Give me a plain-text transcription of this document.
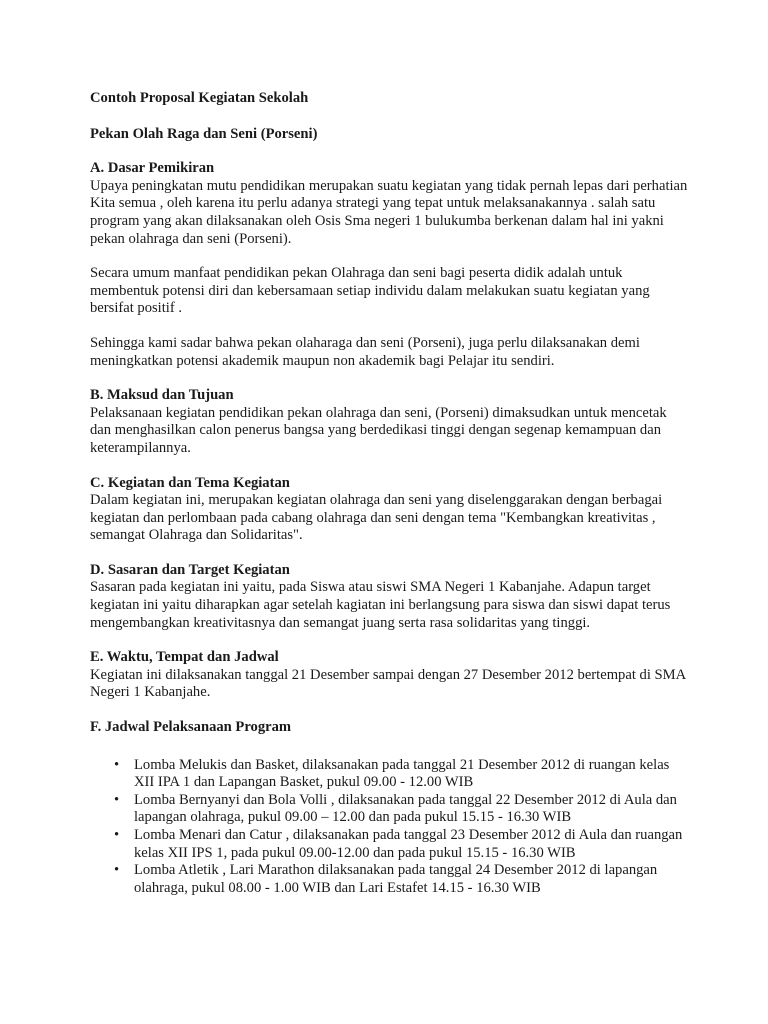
Contoh Proposal Kegiatan Sekolah
Pekan Olah Raga dan Seni (Porseni)
A. Dasar Pemikiran

Upaya peningkatan mutu pendidikan merupakan suatu kegiatan yang tidak pernah lepas dari perhatian Kita semua , oleh karena itu perlu adanya strategi yang tepat untuk melaksanakannya . salah satu program yang akan dilaksanakan oleh Osis Sma negeri 1 bulukumba berkenan dalam hal ini yakni pekan olahraga dan seni (Porseni).

Secara umum manfaat pendidikan pekan Olahraga dan seni bagi peserta didik adalah untuk membentuk potensi diri dan kebersamaan setiap individu dalam melakukan suatu kegiatan yang bersifat positif .

Sehingga kami sadar bahwa pekan olaharaga dan seni (Porseni), juga perlu dilaksanakan demi meningkatkan potensi akademik maupun non akademik bagi Pelajar itu sendiri.

B. Maksud dan Tujuan

Pelaksanaan kegiatan pendidikan pekan olahraga dan seni, (Porseni) dimaksudkan untuk mencetak dan menghasilkan calon penerus bangsa yang berdedikasi tinggi dengan segenap kemampuan dan keterampilannya.

C. Kegiatan dan Tema Kegiatan

Dalam kegiatan ini, merupakan kegiatan olahraga dan seni yang diselenggarakan dengan berbagai kegiatan dan perlombaan pada cabang olahraga dan seni dengan tema "Kembangkan kreativitas , semangat Olahraga dan Solidaritas".

D. Sasaran dan Target Kegiatan

Sasaran pada kegiatan ini yaitu, pada Siswa atau siswi SMA Negeri 1 Kabanjahe. Adapun target kegiatan ini yaitu diharapkan agar setelah kagiatan ini berlangsung para siswa dan siswi dapat terus mengembangkan kreativitasnya dan semangat juang serta rasa solidaritas yang tinggi.

E. Waktu, Tempat dan Jadwal

Kegiatan ini dilaksanakan tanggal 21 Desember sampai dengan 27 Desember 2012 bertempat di SMA Negeri 1 Kabanjahe.

F. Jadwal Pelaksanaan Program
• Lomba Melukis dan Basket, dilaksanakan pada tanggal 21 Desember 2012 di ruangan kelas XII IPA 1 dan Lapangan Basket, pukul 09.00 - 12.00 WIB
• Lomba Bernyanyi dan Bola Volli , dilaksanakan pada tanggal 22 Desember 2012 di Aula dan lapangan olahraga, pukul 09.00 – 12.00 dan pada pukul 15.15 - 16.30 WIB
• Lomba Menari dan Catur , dilaksanakan pada tanggal 23 Desember 2012 di Aula dan ruangan kelas XII IPS 1, pada pukul 09.00-12.00 dan pada pukul 15.15 - 16.30 WIB
• Lomba Atletik , Lari Marathon dilaksanakan pada tanggal 24 Desember 2012 di lapangan olahraga, pukul 08.00 - 1.00 WIB dan Lari Estafet 14.15 - 16.30 WIB
